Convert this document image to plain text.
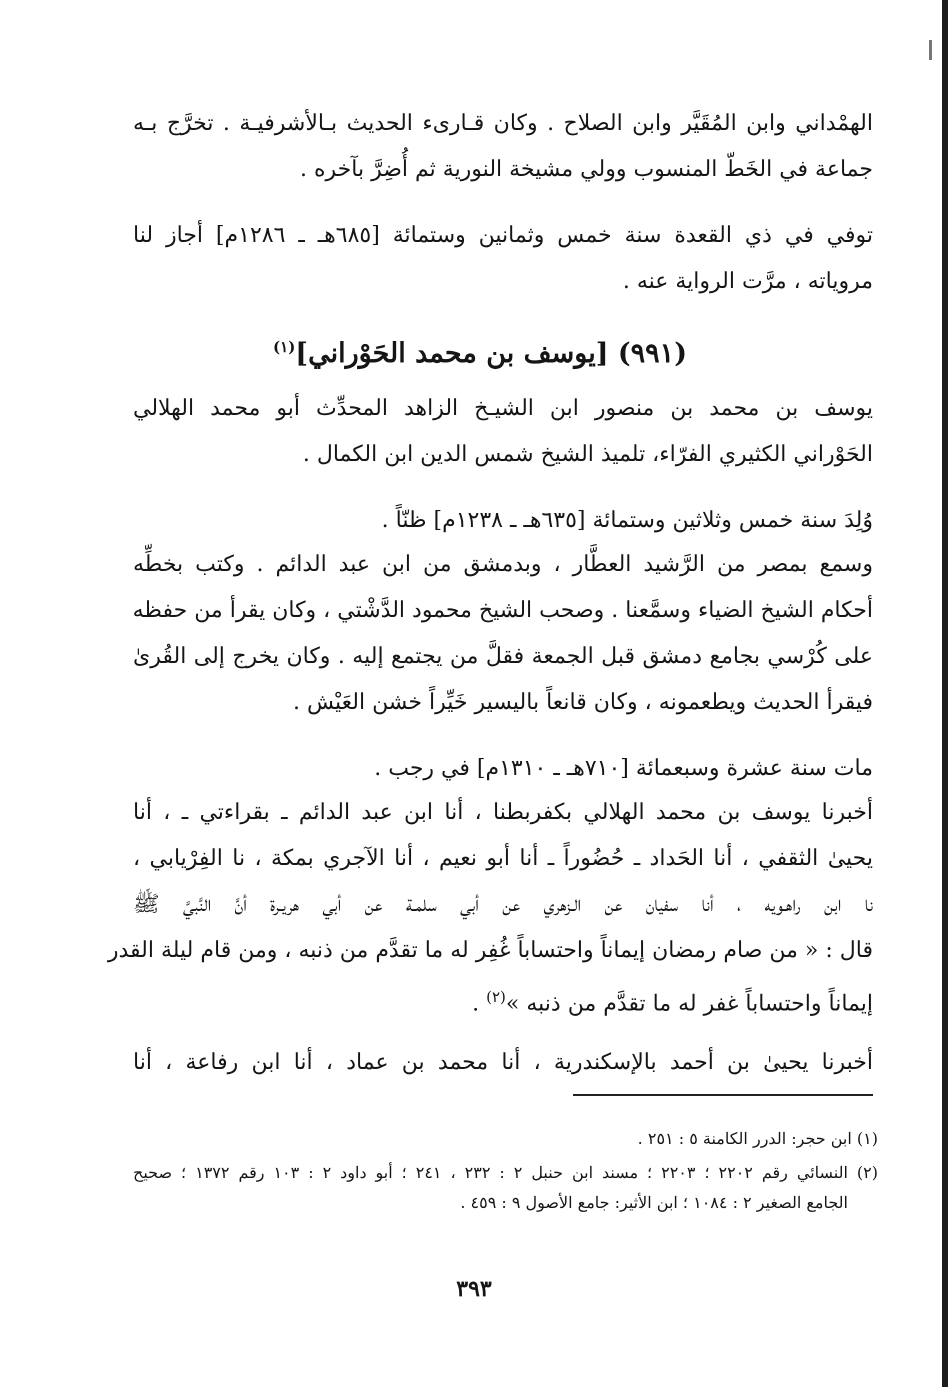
الهمْداني وابن المُقَيَّر وابن الصلاح . وكان قـارىء الحديث بـالأشرفيـة . تخرَّج بـه
جماعة في الخَطّ المنسوب وولي مشيخة النورية ثم أُضِرَّ بآخره .
توفي في ذي القعدة سنة خمس وثمانين وستمائة [٦٨٥هـ ـ ١٢٨٦م] أجاز لنا
مروياته ، مرَّت الرواية عنه .
(٩٩١) [يوسف بن محمد الحَوْراني]$^{(١)}$
يوسف بن محمد بن منصور ابن الشيـخ الزاهد المحدِّث أبو محمد الهلالي
الحَوْراني الكثيري الفرّاء، تلميذ الشيخ شمس الدين ابن الكمال .
وُلِدَ سنة خمس وثلاثين وستمائة [٦٣٥هـ ـ ١٢٣٨م] ظنّاً .
وسمع بمصر من الرَّشيد العطَّار ، وبدمشق من ابن عبد الدائم . وكتب بخطِّه
أحكام الشيخ الضياء وسمَّعنا . وصحب الشيخ محمود الدَّشْتي ، وكان يقرأ من حفظه
على كُرْسي بجامع دمشق قبل الجمعة فقلَّ من يجتمع إليه . وكان يخرج إلى القُرىٰ
فيقرأ الحديث ويطعمونه ، وكان قانعاً باليسير خَيِّراً خشن العَيْش .
مات سنة عشرة وسبعمائة [٧١٠هـ ـ ١٣١٠م] في رجب .
أخبرنا يوسف بن محمد الهلالي بكفربطنا ، أنا ابن عبد الدائم ـ بقراءتي ـ ، أنا
يحيىٰ الثقفي ، أنا الحَداد ـ حُضُوراً ـ أنا أبو نعيم ، أنا الآجري بمكة ، نا الفِرْيابي ،
نا ابن راهـويه ، أنا سفيان عن الـزهري عن أبي سلمـة عن أبي هريـرة أنَّ النَّبيَّ ﷺ
قال : « من صام رمضان إيماناً واحتساباً غُفِر له ما تقدَّم من ذنبه ، ومن قام ليلة القدر
إيماناً واحتساباً غفر له ما تقدَّم من ذنبه »$^{(٢)}$ .
أخبرنا يحيىٰ بن أحمد بالإسكندرية ، أنا محمد بن عماد ، أنا ابن رفاعة ، أنا
(١) ابن حجر: الدرر الكامنة ٥ : ٢٥١ .
(٢) النسائي رقم ٢٢٠٢ ؛ ٢٢٠٣ ؛ مسند ابن حنبل ٢ : ٢٣٢ ، ٢٤١ ؛ أبو داود ٢ : ١٠٣ رقم ١٣٧٢ ؛ صحيح
الجامع الصغير ٢ : ١٠٨٤ ؛ ابن الأثير: جامع الأصول ٩ : ٤٥٩ .
٣٩٣
